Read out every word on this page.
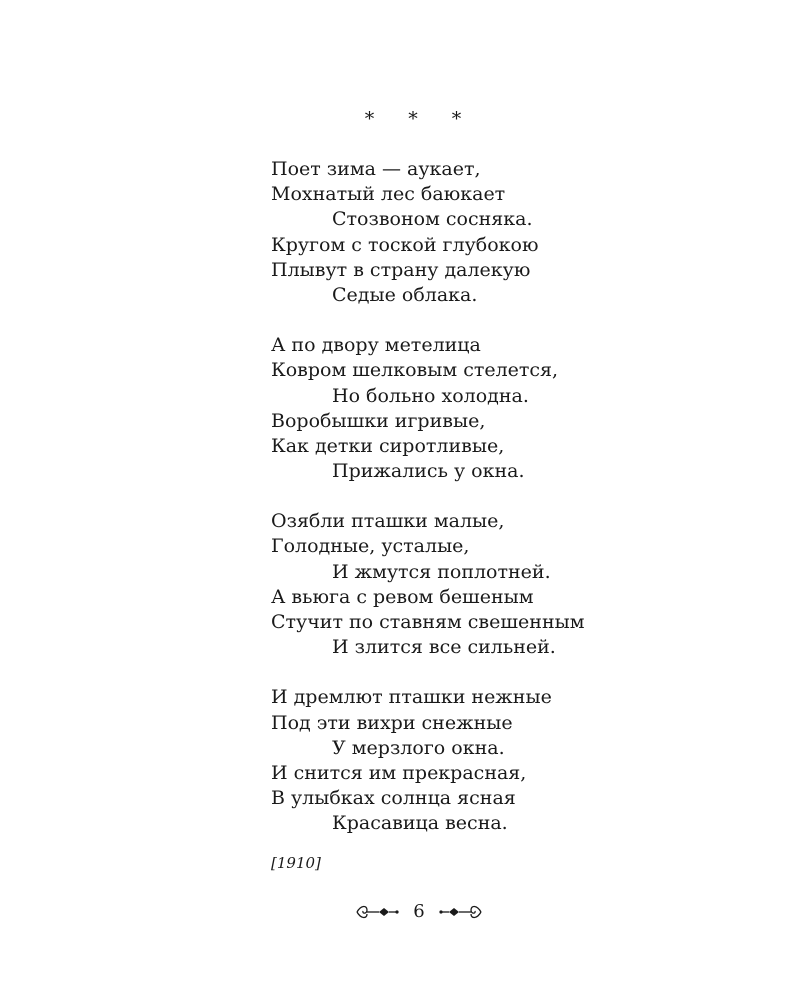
* * *
Поет зима — аукает,
Мохнатый лес баюкает
Стозвоном сосняка.
Кругом с тоской глубокою
Плывут в страну далекую
Седые облака.
А по двору метелица
Ковром шелковым стелется,
Но больно холодна.
Воробышки игривые,
Как детки сиротливые,
Прижались у окна.
Озябли пташки малые,
Голодные, усталые,
И жмутся поплотней.
А вьюга с ревом бешеным
Стучит по ставням свешенным
И злится все сильней.
И дремлют пташки нежные
Под эти вихри снежные
У мерзлого окна.
И снится им прекрасная,
В улыбках солнца ясная
Красавица весна.
[1910]
6
